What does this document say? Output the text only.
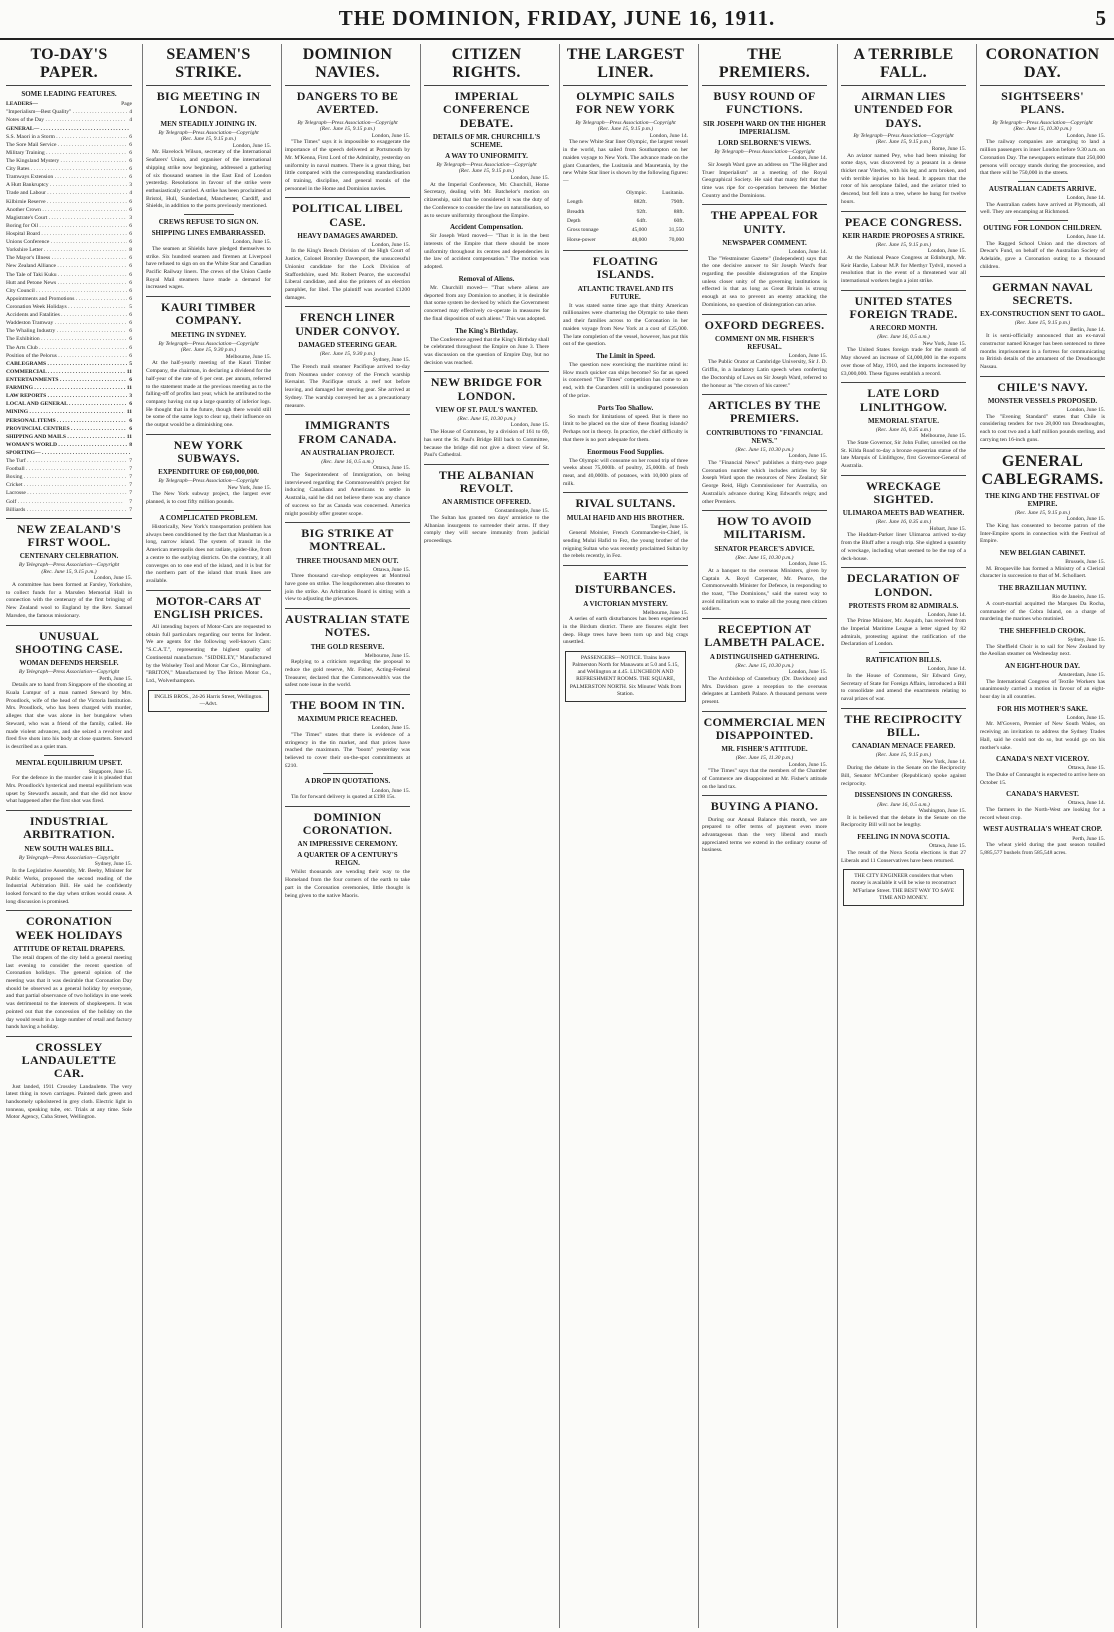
THE DOMINION, FRIDAY, JUNE 16, 1911.	5
TO-DAY'S PAPER.
SOME LEADING FEATURES.
LEADERS—	Page
"Imperialism—Best Quality" . . .	4
Notes of the Day . . .	4
GENERAL— . . .
S.S. Maori in a Storm . . .	6
The Sore Mail Service . . .	6
Military Training . . .	6
The Kingsland Mystery . . .	6
City Rates . . .	6
Tramways Extension . . .	6
A Hutt Bankruptcy . . .	3
Trade and Labour . . .	4
Kilbirnie Reserve . . .	6
Another Crown . . .	6
Magistrate's Court . . .	3
Boring for Oil . . .	6
Hospital Board . . .	6
Unions Conference . . .	6
Yorkshire Letter . . .	8
The Mayor's Illness . . .	6
New Zealand Alliance . . .	6
The Tale of Taki Kuku . . .	6
Hutt and Petone News . . .	6
City Council . . .	6
Appointments and Promotions . . .	6
Coronation Week Holidays . . .	5
Accidents and Fatalities . . .	6
Waddeston Tramway . . .	6
The Whaling Industry . . .	6
The Exhibition . . .	6
The Arts Club . . .	6
Position of the Pelorus . . .	6
CABLEGRAMS . . .	5
COMMERCIAL . . .	11
ENTERTAINMENTS . . .	6
FARMING . . .	11
LAW REPORTS . . .	3
LOCAL AND GENERAL . . .	6
MINING . . .	11
PERSONAL ITEMS . . .	6
PROVINCIAL CENTRES . . .	6
SHIPPING AND MAILS . . .	11
WOMAN'S WORLD . . .	8
SPORTING— . . .
The Turf . . .	7
Football . . .	7
Boxing . . .	7
Cricket . . .	7
Lacrosse . . .	7
Golf . . .	7
Billiards . . .	7
NEW ZEALAND'S FIRST WOOL.
CENTENARY CELEBRATION.
By Telegraph—Press Association—Copyright
(Rec. June 15, 9.15 p.m.)
London, June 15.

A committee has been formed at Farsley, Yorkshire, to collect funds for a Marsden Memorial Hall in connection with the centenary of the first bringing of New Zealand wool to England by the Rev. Samuel Marsden, the famous missionary.

UNUSUAL SHOOTING CASE.
WOMAN DEFENDS HERSELF.
By Telegraph—Press Association—Copyright
Perth, June 15.

Details are to hand from Singapore of the shooting at Kuala Lumpur of a man named Steward by Mrs. Proudlock, wife of the head of the Victoria Institution. Mrs. Proudlock, who has been charged with murder, alleges that she was alone in her bungalow when Steward, who was a friend of the family, called. He made violent advances, and she seized a revolver and fired five shots into his body at close quarters. Steward is described as a quiet man.

MENTAL EQUILIBRIUM UPSET.
Singapore, June 15.

For the defence in the murder case it is pleaded that Mrs. Proudlock's hysterical and mental equilibrium was upset by Steward's assault, and that she did not know what happened after the first shot was fired.

INDUSTRIAL ARBITRATION.
NEW SOUTH WALES BILL.
By Telegraph—Press Association—Copyright
Sydney, June 15.

In the Legislative Assembly, Mr. Beeby, Minister for Public Works, proposed the second reading of the Industrial Arbitration Bill. He said he confidently looked forward to the day when strikes would cease. A long discussion is promised.

CORONATION WEEK HOLIDAYS
ATTITUDE OF RETAIL DRAPERS.

The retail drapers of the city held a general meeting last evening to consider the recent question of Coronation holidays. The general opinion of the meeting was that it was desirable that Coronation Day should be observed as a general holiday by everyone, and that partial observance of two holidays in one week was detrimental to the interests of shopkeepers. It was pointed out that the concession of the holiday on the day would result in a large number of retail and factory hands having a holiday.

CROSSLEY LANDAULETTE CAR.

Just landed, 1911 Crossley Landaulette. The very latest thing in town carriages. Painted dark green and handsomely upholstered in grey cloth. Electric light in tonneau, speaking tube, etc. Trials at any time. Sole Motor Agency, Cuba Street, Wellington.

SEAMEN'S STRIKE.
BIG MEETING IN LONDON.
MEN STEADILY JOINING IN.
By Telegraph—Press Association—Copyright
(Rec. June 15, 9.15 p.m.)
London, June 15.

Mr. Havelock Wilson, secretary of the International Seafarers' Union, and organiser of the international shipping strike now beginning, addressed a gathering of six thousand seamen in the East End of London yesterday. Resolutions in favour of the strike were enthusiastically carried. A strike has been proclaimed at Bristol, Hull, Sunderland, Manchester, Cardiff, and Shields, in addition to the ports previously mentioned.

CREWS REFUSE TO SIGN ON.
SHIPPING LINES EMBARRASSED.
London, June 15.

The seamen at Shields have pledged themselves to strike. Six hundred seamen and firemen at Liverpool have refused to sign on on the White Star and Canadian Pacific Railway liners. The crews of the Union Castle Royal Mail steamers have made a demand for increased wages.

KAURI TIMBER COMPANY.
MEETING IN SYDNEY.
By Telegraph—Press Association—Copyright
(Rec. June 15, 9.30 p.m.)
Melbourne, June 15.

At the half-yearly meeting of the Kauri Timber Company, the chairman, in declaring a dividend for the half-year of the rate of 6 per cent. per annum, referred to the statement made at the previous meeting as to the falling-off of profits last year, which he attributed to the company having cut up a large quantity of inferior logs. He thought that in the future, though there would still be some of the same logs to clear up, their influence on the output would be a diminishing one.

NEW YORK SUBWAYS.
EXPENDITURE OF £60,000,000.
By Telegraph—Press Association—Copyright
New York, June 15.

The New York subway project, the largest ever planned, is to cost fifty million pounds.

A COMPLICATED PROBLEM.

Historically, New York's transportation problem has always been conditioned by the fact that Manhattan is a long, narrow island. The system of transit in the American metropolis does not radiate, spider-like, from a centre to the outlying districts. On the contrary, it all converges on to one end of the island, and it is but for the northern part of the island that trunk lines are available.

MOTOR-CARS AT ENGLISH PRICES.

All intending buyers of Motor-Cars are requested to obtain full particulars regarding our terms for Indent. We are agents for the following well-known Cars: "S.C.A.T.", representing the highest quality of Continental manufacture. "SIDDELEY," Manufactured by the Wolseley Tool and Motor Car Co., Birmingham. "BRITON," Manufactured by The Briton Motor Co., Ltd., Wolverhampton.

INGLIS BROS., 24-26 Harris Street, Wellington.—Advt.
DOMINION NAVIES.
DANGERS TO BE AVERTED.
By Telegraph—Press Association—Copyright
(Rec. June 15, 9.15 p.m.)
London, June 15.

"The Times" says it is impossible to exaggerate the importance of the speech delivered at Portsmouth by Mr. M'Kenna, First Lord of the Admiralty, yesterday on uniformity in naval matters. There is a great thing, but little compared with the corresponding standardisation of training, discipline, and general morals of the personnel in the Home and Dominion navies.

POLITICAL LIBEL CASE.
HEAVY DAMAGES AWARDED.
London, June 15.

In the King's Bench Division of the High Court of Justice, Colonel Bromley Davenport, the unsuccessful Unionist candidate for the Lock Division of Staffordshire, sued Mr. Robert Pearce, the successful Liberal candidate, and also the printers of an election pamphlet, for libel. The plaintiff was awarded £1200 damages.

FRENCH LINER UNDER CONVOY.
DAMAGED STEERING GEAR.
(Rec. June 15, 9.30 p.m.)
Sydney, June 15.

The French mail steamer Pacifique arrived to-day from Noumea under convoy of the French warship Kersaint. The Pacifique struck a reef not before leaving, and damaged her steering gear. She arrived at Sydney. The warship conveyed her as a precautionary measure.

IMMIGRANTS FROM CANADA.
AN AUSTRALIAN PROJECT.
(Rec. June 16, 0.5 a.m.)
Ottawa, June 15.

The Superintendent of Immigration, on being interviewed regarding the Commonwealth's project for inducing Canadians and Americans to settle in Australia, said he did not believe there was any chance of success so far as Canada was concerned. America might possibly offer greater scope.

BIG STRIKE AT MONTREAL.
THREE THOUSAND MEN OUT.
Ottawa, June 15.

Three thousand car-shop employees at Montreal have gone on strike. The longshoremen also threaten to join the strike. An Arbitration Board is sitting with a view to adjusting the grievances.

AUSTRALIAN STATE NOTES.
THE GOLD RESERVE.
Melbourne, June 15.

Replying to a criticism regarding the proposal to reduce the gold reserve, Mr. Fisher, Acting-Federal Treasurer, declared that the Commonwealth's was the safest note issue in the world.

THE BOOM IN TIN.
MAXIMUM PRICE REACHED.
London, June 15.

"The Times" states that there is evidence of a stringency in the tin market, and that prices have reached the maximum. The "boom" yesterday was believed to cover their on-the-spot commitments at £210.

A DROP IN QUOTATIONS.
London, June 15.

Tin for forward delivery is quoted at £198 15s.

DOMINION CORONATION.
AN IMPRESSIVE CEREMONY.
A QUARTER OF A CENTURY'S REIGN.

Whilst thousands are wending their way to the Homeland from the four corners of the earth to take part in the Coronation ceremonies, little thought is being given to the native Maoris.

CITIZEN RIGHTS.
IMPERIAL CONFERENCE DEBATE.
DETAILS OF MR. CHURCHILL'S SCHEME.
A WAY TO UNIFORMITY.
By Telegraph—Press Association—Copyright
(Rec. June 15, 9.15 p.m.)
London, June 15.

At the Imperial Conference, Mr. Churchill, Home Secretary, dealing with Mr. Batchelor's motion on citizenship, said that he considered it was the duty of the Conference to consider the law on naturalisation, so as to secure uniformity throughout the Empire.

Accident Compensation.

Sir Joseph Ward moved— "That it is in the best interests of the Empire that there should be more uniformity throughout its centres and dependencies in the law of accident compensation." The motion was adopted.

Removal of Aliens.

Mr. Churchill moved— "That where aliens are deported from any Dominion to another, it is desirable that some system be devised by which the Government concerned may effectively co-operate in measures for the final disposition of such aliens." This was adopted.

The King's Birthday.

The Conference agreed that the King's Birthday shall be celebrated throughout the Empire on June 3. There was discussion on the question of Empire Day, but no decision was reached.

NEW BRIDGE FOR LONDON.
VIEW OF ST. PAUL'S WANTED.
(Rec. June 15, 10.30 p.m.)
London, June 15.

The House of Commons, by a division of 161 to 69, has sent the St. Paul's Bridge Bill back to Committee, because the bridge did not give a direct view of St. Paul's Cathedral.

THE ALBANIAN REVOLT.
AN ARMISTICE OFFERED.
Constantinople, June 15.

The Sultan has granted ten days' armistice to the Albanian insurgents to surrender their arms. If they comply they will secure immunity from judicial proceedings.

THE LARGEST LINER.
OLYMPIC SAILS FOR NEW YORK
By Telegraph—Press Association—Copyright
(Rec. June 15, 9.15 p.m.)
London, June 14.

The new White Star liner Olympic, the largest vessel in the world, has sailed from Southampton on her maiden voyage to New York. The advance made on the giant Cunarders, the Lusitania and Mauretania, by the new White Star liner is shown by the following figures:—

	Olympic.	Lusitania.
Length	882ft.	790ft.
Breadth	92ft.	88ft.
Depth	64ft.	60ft.
Gross tonnage	45,000	31,550
Horse-power	48,000	70,000
FLOATING ISLANDS.
ATLANTIC TRAVEL AND ITS FUTURE.

It was stated some time ago that thirty American millionaires were chartering the Olympic to take them and their families across to the Coronation in her maiden voyage from New York at a cost of £25,000. The late completion of the vessel, however, has put this out of the question.

The Limit in Speed.

The question now exercising the maritime mind is: How much quicker can ships become? So far as speed is concerned "The Times" competition has come to an end, with the Cunarders still in undisputed possession of the prize.

Ports Too Shallow.

So much for limitations of speed. But is there no limit to be placed on the size of these floating islands? Perhaps not in theory. In practice, the chief difficulty is that there is no port adequate for them.

Enormous Food Supplies.

The Olympic will consume on her round trip of three weeks about 75,000lb. of poultry, 25,000lb. of fresh meat, and 40,000lb. of potatoes, with 10,000 pints of milk.

RIVAL SULTANS.
MULAI HAFID AND HIS BROTHER.
Tangier, June 15.

General Moinier, French Commander-in-Chief, is sending Mulai Hafid to Fez, the young brother of the reigning Sultan who was recently proclaimed Sultan by the rebels recently, in Fez.

EARTH DISTURBANCES.
A VICTORIAN MYSTERY.
Melbourne, June 15.

A series of earth disturbances has been experienced in the Birdum district. There are fissures eight feet deep. Huge trees have been torn up and big crags unsettled.

PASSENGERS—NOTICE. Trains leave Palmerston North for Manawatu at 5.0 and 5.15, and Wellington at 4.45. LUNCHEON AND REFRESHMENT ROOMS. THE SQUARE, PALMERSTON NORTH. Six Minutes' Walk from Station.
THE PREMIERS.
BUSY ROUND OF FUNCTIONS.
SIR JOSEPH WARD ON THE HIGHER IMPERIALISM.
LORD SELBORNE'S VIEWS.
By Telegraph—Press Association—Copyright
London, June 14.

Sir Joseph Ward gave an address on "The Higher and Truer Imperialism" at a meeting of the Royal Geographical Society. He said that many felt that the time was ripe for co-operation between the Mother Country and the Dominions.

THE APPEAL FOR UNITY.
NEWSPAPER COMMENT.
London, June 14.

The "Westminster Gazette" (Independent) says that the one decisive answer to Sir Joseph Ward's fear regarding the possible disintegration of the Empire unless closer unity of the governing institutions is effected is that as long as Great Britain is strong enough at sea to prevent an enemy attacking the Dominions, no question of disintegration can arise.

OXFORD DEGREES.
COMMENT ON MR. FISHER'S REFUSAL.
London, June 15.

The Public Orator at Cambridge University, Sir J. D. Griffin, in a laudatory Latin speech when conferring the Doctorship of Laws on Sir Joseph Ward, referred to the honour as "the crown of his career."

ARTICLES BY THE PREMIERS.
CONTRIBUTIONS TO "FINANCIAL NEWS."
(Rec. June 15, 10.30 p.m.)
London, June 15.

The "Financial News" publishes a thirty-two page Coronation number which includes articles by Sir Joseph Ward upon the resources of New Zealand; Sir George Reid, High Commissioner for Australia, on Australia's advance during King Edward's reign; and other Premiers.

HOW TO AVOID MILITARISM.
SENATOR PEARCE'S ADVICE.
(Rec. June 15, 10.30 p.m.)
London, June 15.

At a banquet to the overseas Ministers, given by Captain A. Boyd Carpenter, Mr. Pearce, the Commonwealth Minister for Defence, in responding to the toast, "The Dominions," said the surest way to avoid militarism was to make all the young men citizen soldiers.

RECEPTION AT LAMBETH PALACE.
A DISTINGUISHED GATHERING.
(Rec. June 15, 10.30 p.m.)
London, June 15.

The Archbishop of Canterbury (Dr. Davidson) and Mrs. Davidson gave a reception to the overseas delegates at Lambeth Palace. A thousand persons were present.

COMMERCIAL MEN DISAPPOINTED.
MR. FISHER'S ATTITUDE.
(Rec. June 15, 11.30 p.m.)
London, June 15.

"The Times" says that the members of the Chamber of Commerce are disappointed at Mr. Fisher's attitude on the land tax.

BUYING A PIANO.

During our Annual Balance this month, we are prepared to offer terms of payment even more advantageous than the very liberal and much appreciated terms we extend in the ordinary course of business.

A TERRIBLE FALL.
AIRMAN LIES UNTENDED FOR DAYS.
By Telegraph—Press Association—Copyright
(Rec. June 15, 9.15 p.m.)
Rome, June 15.

An aviator named Pey, who had been missing for some days, was discovered by a peasant in a dense thicket near Viterbo, with his leg and arm broken, and with terrible injuries to his head. It appears that the rotor of his aeroplane failed, and the aviator tried to descend, but fell into a tree, where he hung for twelve hours.

PEACE CONGRESS.
KEIR HARDIE PROPOSES A STRIKE.
(Rec. June 15, 9.15 p.m.)
London, June 15.

At the National Peace Congress at Edinburgh, Mr. Keir Hardie, Labour M.P. for Merthyr Tydvil, moved a resolution that in the event of a threatened war all international workers begin a joint strike.

UNITED STATES FOREIGN TRADE.
A RECORD MONTH.
(Rec. June 16, 0.5 a.m.)
New York, June 15.

The United States foreign trade for the month of May showed an increase of £4,000,000 in the exports over those of May, 1910, and the imports increased by £3,000,000. These figures establish a record.

LATE LORD LINLITHGOW.
MEMORIAL STATUE.
(Rec. June 16, 0.35 a.m.)
Melbourne, June 15.

The State Governor, Sir John Fuller, unveiled on the St. Kilda Road to-day a bronze equestrian statue of the late Marquis of Linlithgow, first Governor-General of Australia.

WRECKAGE SIGHTED.
ULIMAROA MEETS BAD WEATHER.
(Rec. June 16, 0.35 a.m.)
Hobart, June 15.

The Huddart-Parker liner Ulimaroa arrived to-day from the Bluff after a rough trip. She sighted a quantity of wreckage, including what seemed to be the top of a deck-house.

DECLARATION OF LONDON.
PROTESTS FROM 82 ADMIRALS.
London, June 14.

The Prime Minister, Mr. Asquith, has received from the Imperial Maritime League a letter signed by 82 admirals, protesting against the ratification of the Declaration of London.

RATIFICATION BILLS.
London, June 14.

In the House of Commons, Sir Edward Grey, Secretary of State for Foreign Affairs, introduced a Bill to consolidate and amend the enactments relating to naval prizes of war.

THE RECIPROCITY BILL.
CANADIAN MENACE FEARED.
(Rec. June 15, 9.15 p.m.)
New York, June 14.

During the debate in the Senate on the Reciprocity Bill, Senator M'Cumber (Republican) spoke against reciprocity.

DISSENSIONS IN CONGRESS.
(Rec. June 16, 0.5 a.m.)
Washington, June 15.

It is believed that the debate in the Senate on the Reciprocity Bill will not be lengthy.

FEELING IN NOVA SCOTIA.
Ottawa, June 15.

The result of the Nova Scotia elections is that 27 Liberals and 11 Conservatives have been returned.

THE CITY ENGINEER considers that when money is available it will be wise to reconstruct M'Farlane Street. THE BEST WAY TO SAVE TIME AND MONEY.
CORONATION DAY.
SIGHTSEERS' PLANS.
By Telegraph—Press Association—Copyright
(Rec. June 15, 10.30 p.m.)
London, June 15.

The railway companies are arranging to land a million passengers in inner London before 9.30 a.m. on Coronation Day. The newspapers estimate that 250,000 persons will occupy stands during the procession, and that there will be 750,000 in the streets.

AUSTRALIAN CADETS ARRIVE.
London, June 14.

The Australian cadets have arrived at Plymouth, all well. They are encamping at Richmond.

OUTING FOR LONDON CHILDREN.
London, June 14.

The Ragged School Union and the directors of Dewar's Fund, on behalf of the Australian Society of Adelaide, gave a Coronation outing to a thousand children.

GERMAN NAVAL SECRETS.
EX-CONSTRUCTION SENT TO GAOL.
(Rec. June 15, 9.15 p.m.)
Berlin, June 14.

It is semi-officially announced that an ex-naval constructor named Krueger has been sentenced to three months imprisonment in a fortress for communicating to British details of the armament of the Dreadnought Nassau.

CHILE'S NAVY.
MONSTER VESSELS PROPOSED.
London, June 15.

The "Evening Standard" states that Chile is considering tenders for two 28,000 ton Dreadnoughts, each to cost two and a half million pounds sterling, and carrying ten 16-inch guns.

GENERAL CABLEGRAMS.
THE KING AND THE FESTIVAL OF EMPIRE.
(Rec. June 15, 9.15 p.m.)
London, June 15.

The King has consented to become patron of the Inter-Empire sports in connection with the Festival of Empire.

NEW BELGIAN CABINET.
Brussels, June 15.

M. Broqueville has formed a Ministry of a Clerical character in succession to that of M. Schollaert.

THE BRAZILIAN MUTINY.
Rio de Janeiro, June 15.

A court-martial acquitted the Marques Da Rocha, commander of the Cobra Island, on a charge of murdering the marines who mutinied.

THE SHEFFIELD CROOK.
Sydney, June 15.

The Sheffield Choir is to sail for New Zealand by the Aeolian steamer on Wednesday next.

AN EIGHT-HOUR DAY.
Amsterdam, June 15.

The International Congress of Textile Workers has unanimously carried a motion in favour of an eight-hour day in all countries.

FOR HIS MOTHER'S SAKE.
London, June 15.

Mr. M'Govern, Premier of New South Wales, on receiving an invitation to address the Sydney Trades Hall, said he could not do so, but would go on his mother's sake.

CANADA'S NEXT VICEROY.
Ottawa, June 15.

The Duke of Connaught is expected to arrive here on October 15.

CANADA'S HARVEST.
Ottawa, June 14.

The farmers in the North-West are looking for a record wheat crop.

WEST AUSTRALIA'S WHEAT CROP.
Perth, June 15.

The wheat yield during the past season totalled 5,885,577 bushels from 585,548 acres.
